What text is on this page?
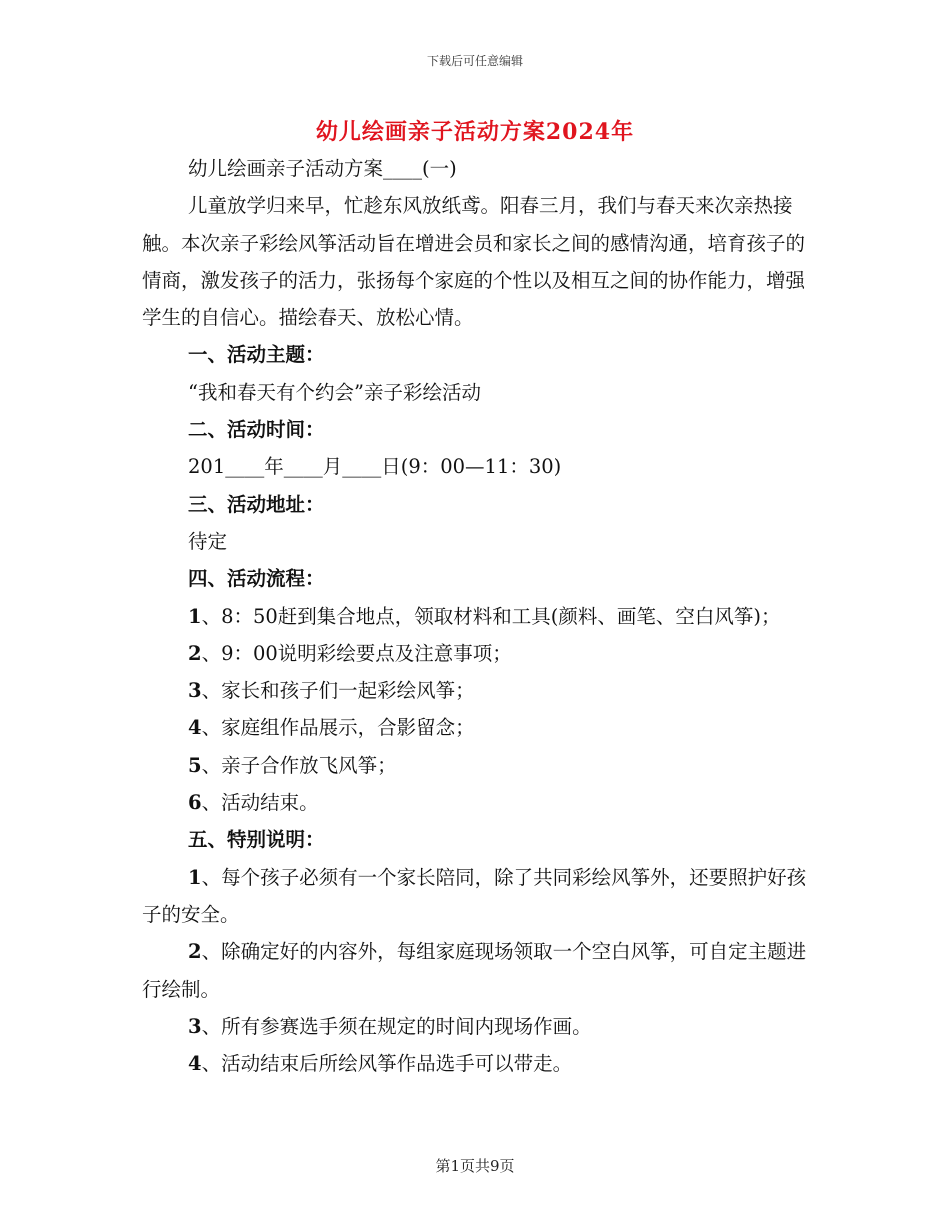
下载后可任意编辑
幼儿绘画亲子活动方案2024年

幼儿绘画亲子活动方案____(一)

儿童放学归来早，忙趁东风放纸鸢。阳春三月，我们与春天来次亲热接触。本次亲子彩绘风筝活动旨在增进会员和家长之间的感情沟通，培育孩子的情商，激发孩子的活力，张扬每个家庭的个性以及相互之间的协作能力，增强学生的自信心。描绘春天、放松心情。

一、活动主题：

“我和春天有个约会”亲子彩绘活动

二、活动时间：

201____年____月____日(9：00—11：30)

三、活动地址：

待定

四、活动流程：

1、8：50赶到集合地点，领取材料和工具(颜料、画笔、空白风筝)；

2、9：00说明彩绘要点及注意事项；

3、家长和孩子们一起彩绘风筝；

4、家庭组作品展示，合影留念；

5、亲子合作放飞风筝；

6、活动结束。

五、特别说明：

1、每个孩子必须有一个家长陪同，除了共同彩绘风筝外，还要照护好孩子的安全。

2、除确定好的内容外，每组家庭现场领取一个空白风筝，可自定主题进行绘制。

3、所有参赛选手须在规定的时间内现场作画。

4、活动结束后所绘风筝作品选手可以带走。

第1页共9页
